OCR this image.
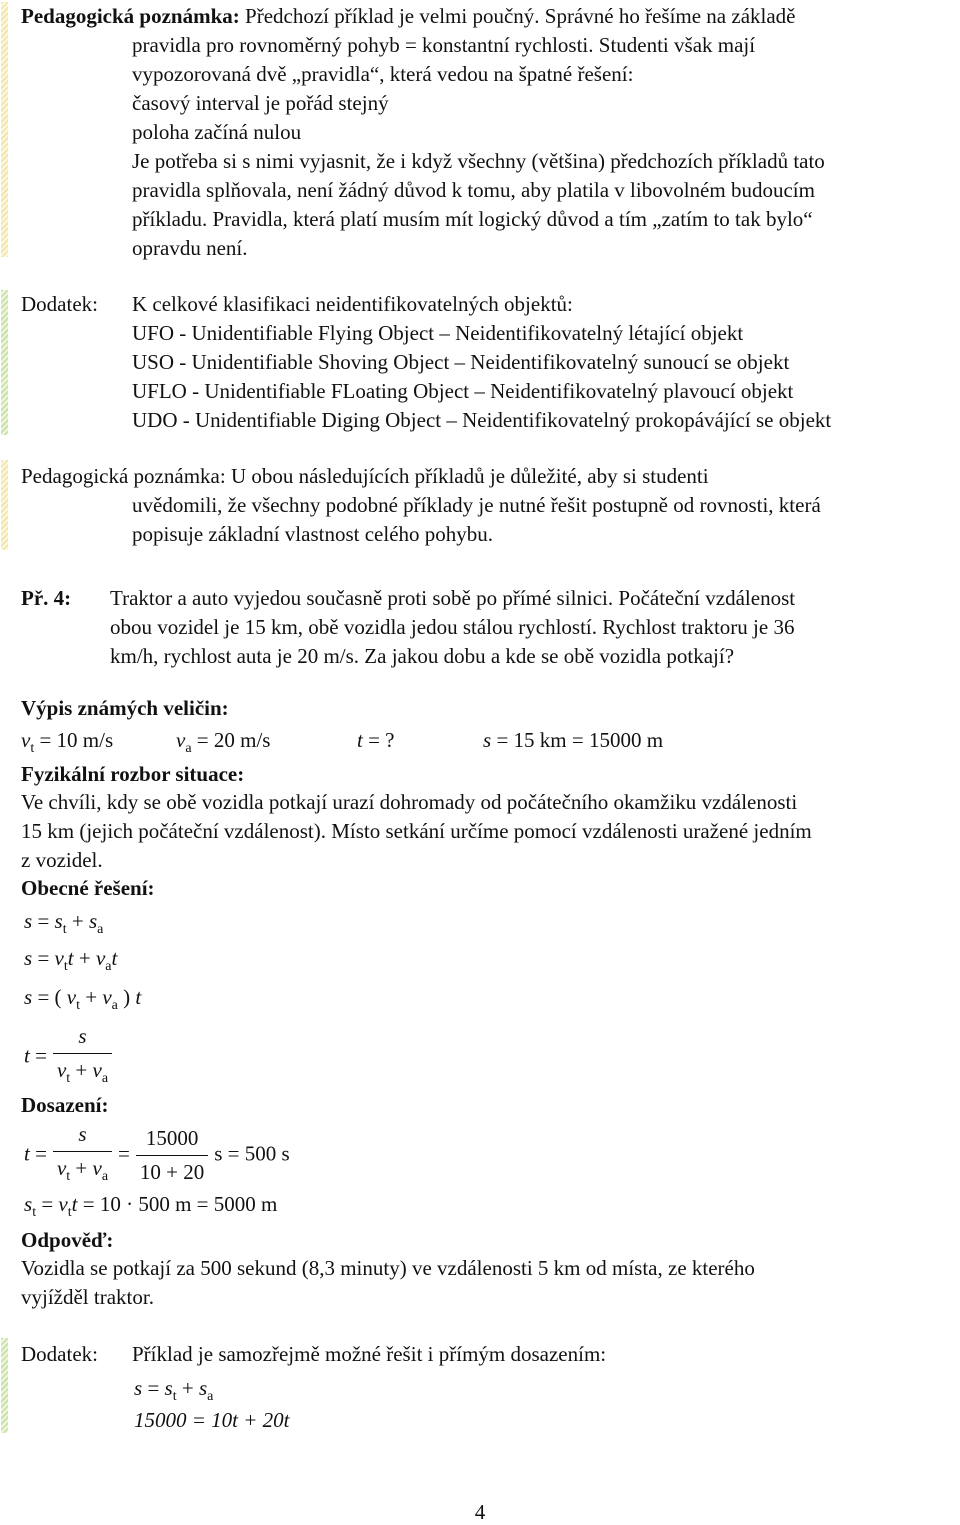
Pedagogická poznámka: Předchozí příklad je velmi poučný. Správné ho řešíme na základě
pravidla pro rovnoměrný pohyb = konstantní rychlosti. Studenti však mají
vypozorovaná dvě „pravidla“, která vedou na špatné řešení:
časový interval je pořád stejný
poloha začíná nulou
Je potřeba si s nimi vyjasnit, že i když všechny (většina) předchozích příkladů tato
pravidla splňovala, není žádný důvod k tomu, aby platila v libovolném budoucím
příkladu. Pravidla, která platí musím mít logický důvod a tím „zatím to tak bylo“
opravdu není.
Dodatek: K celkové klasifikaci neidentifikovatelných objektů:
UFO - Unidentifiable Flying Object – Neidentifikovatelný létající objekt
USO - Unidentifiable Shoving Object – Neidentifikovatelný sunoucí se objekt
UFLO - Unidentifiable FLoating Object – Neidentifikovatelný plavoucí objekt
UDO - Unidentifiable Diging Object – Neidentifikovatelný prokopávájící se objekt
Pedagogická poznámka: U obou následujících příkladů je důležité, aby si studenti
uvědomili, že všechny podobné příklady je nutné řešit postupně od rovnosti, která
popisuje základní vlastnost celého pohybu.
Př. 4: Traktor a auto vyjedou současně proti sobě po přímé silnici. Počáteční vzdálenost
obou vozidel je 15 km, obě vozidla jedou stálou rychlostí. Rychlost traktoru je 36
km/h, rychlost auta je 20 m/s. Za jakou dobu a kde se obě vozidla potkají?
Výpis známých veličin:
$v_t = 10$ m/s	$v_a = 20$ m/s	t = ?	s = 15 km = 15000 m
Fyzikální rozbor situace:
Ve chvíli, kdy se obě vozidla potkají urazí dohromady od počátečního okamžiku vzdálenosti
15 km (jejich počáteční vzdálenost). Místo setkání určíme pomocí vzdálenosti uražené jedním
z vozidel.
Obecné řešení:
$s = s_t + s_a$
$s = v_tt + v_at$
s = ( $v_t + v_a$ ) t
$t = \frac{s}{v_t + v_a}$
Dosazení:
$t = \frac{s}{v_t + v_a} = \frac{15000}{10 + 20}$ s = 500 s
$s_t = v_tt = 10 \cdot 500$ m = 5000 m
Odpověď:
Vozidla se potkají za 500 sekund (8,3 minuty) ve vzdálenosti 5 km od místa, ze kterého
vyjížděl traktor.
Dodatek: Příklad je samozřejmě možné řešit i přímým dosazením:
$s = s_t + s_a$
15000 = 10t + 20t
4
